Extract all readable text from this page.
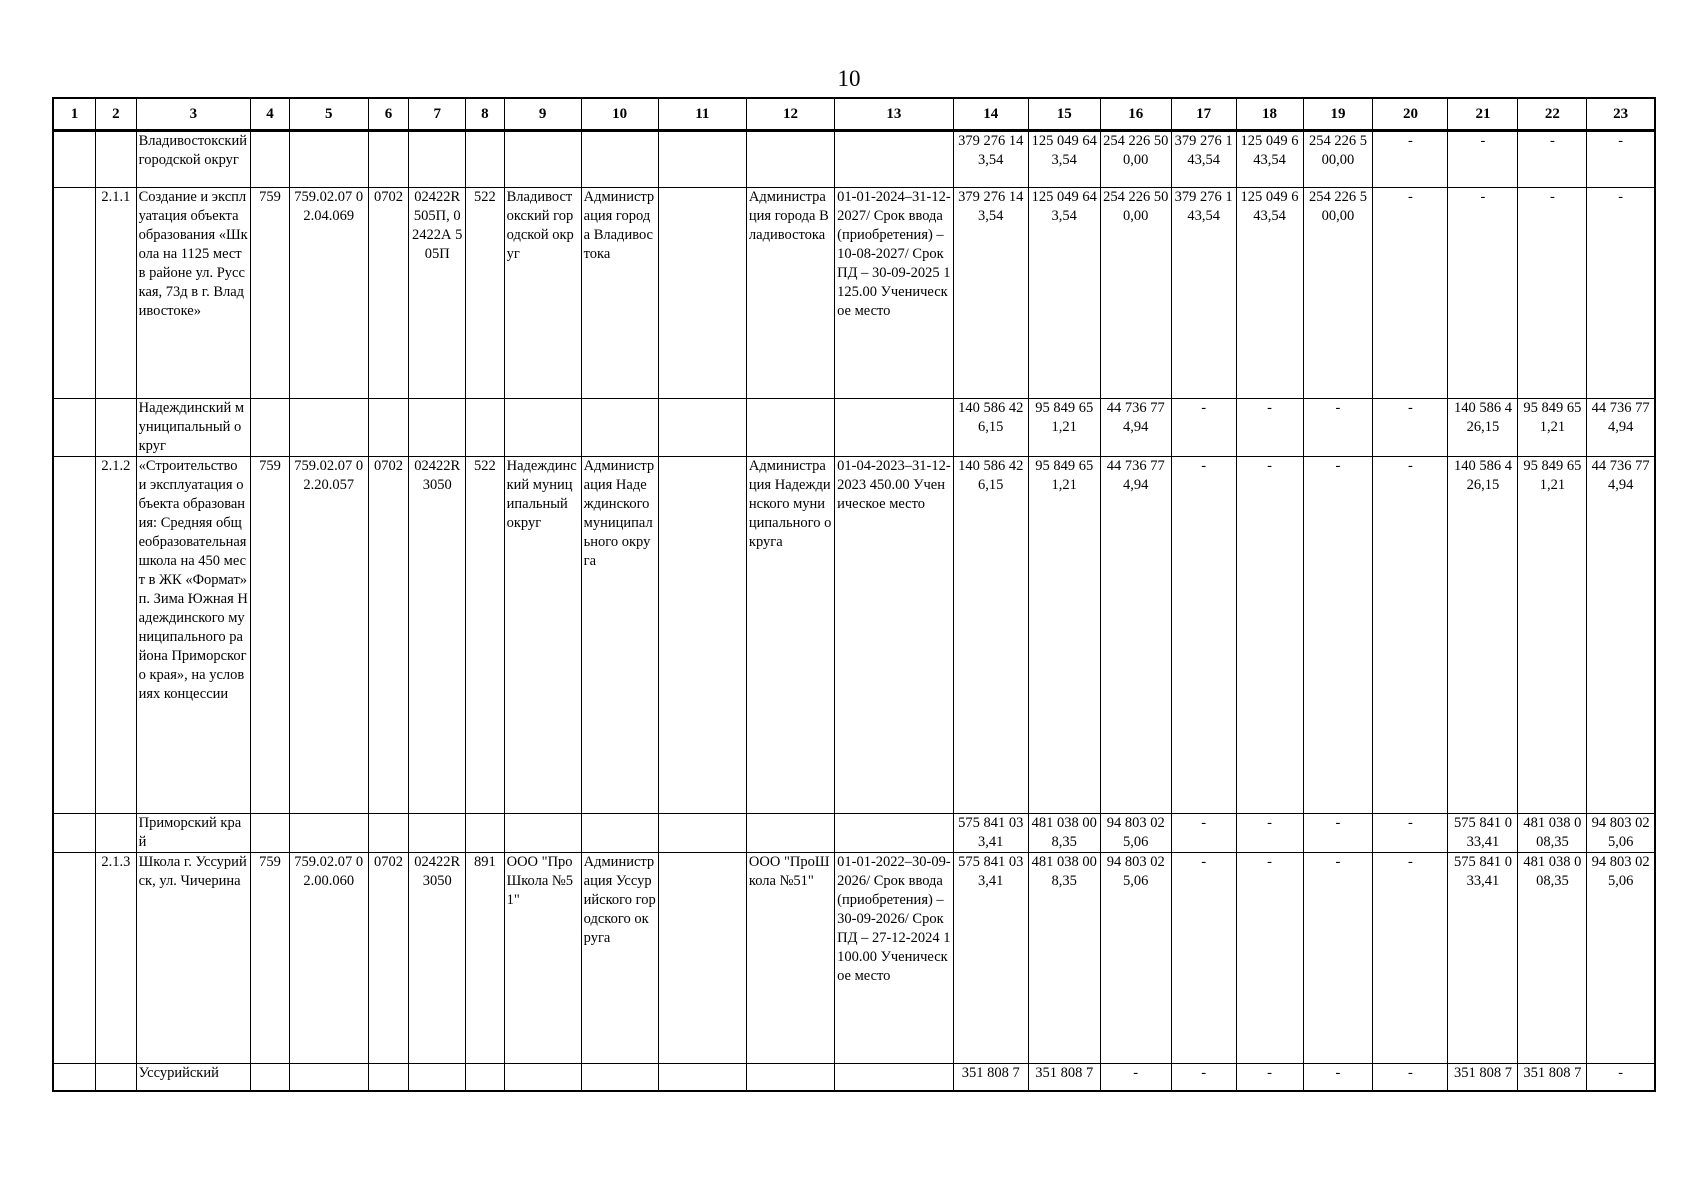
10
1	2	3	4	5	6	7	8	9	10	11	12	13	14	15	16	17	18	19	20	21	22	23
		Владивостокский городской округ											379 276 143,54	125 049 643,54	254 226 500,00	379 276 143,54	125 049 643,54	254 226 500,00	-	-	-	-
	2.1.1	Создание и эксплуатация объекта образования «Школа на 1125 мест в районе ул. Русская, 73д в г. Владивостоке»	759	759.02.07 02.04.069	0702	02422R 505П, 02422А 505П	522	Владивостокский городской округ	Администрация города Владивостока		Администрация города Владивостока	01-01-2024–31-12-2027/ Срок ввода (приобретения) – 10-08-2027/ Срок ПД – 30-09-2025 1125.00 Ученическое место	379 276 143,54	125 049 643,54	254 226 500,00	379 276 143,54	125 049 643,54	254 226 500,00	-	-	-	-
		Надеждинский муниципальный округ											140 586 426,15	95 849 651,21	44 736 774,94	-	-	-	-	140 586 426,15	95 849 651,21	44 736 774,94
	2.1.2	«Строительство и эксплуатация объекта образования: Средняя общеобразовательная школа на 450 мест в ЖК «Формат» п. Зима Южная Надеждинского муниципального района Приморского края», на условиях концессии	759	759.02.07 02.20.057	0702	02422R 3050	522	Надеждинский муниципальный округ	Администрация Надеждинского муниципального округа		Администрация Надеждинского муниципального округа	01-04-2023–31-12-2023 450.00 Ученическое место	140 586 426,15	95 849 651,21	44 736 774,94	-	-	-	-	140 586 426,15	95 849 651,21	44 736 774,94
		Приморский край											575 841 033,41	481 038 008,35	94 803 025,06	-	-	-	-	575 841 033,41	481 038 008,35	94 803 025,06
	2.1.3	Школа г. Уссурийск, ул. Чичерина	759	759.02.07 02.00.060	0702	02422R 3050	891	ООО "ПроШкола №51"	Администрация Уссурийского городского округа		ООО "ПроШкола №51"	01-01-2022–30-09-2026/ Срок ввода (приобретения) – 30-09-2026/ Срок ПД – 27-12-2024 1100.00 Ученическое место	575 841 033,41	481 038 008,35	94 803 025,06	-	-	-	-	575 841 033,41	481 038 008,35	94 803 025,06
		Уссурийский											351 808 7	351 808 7	-	-	-	-	-	351 808 7	351 808 7	-
